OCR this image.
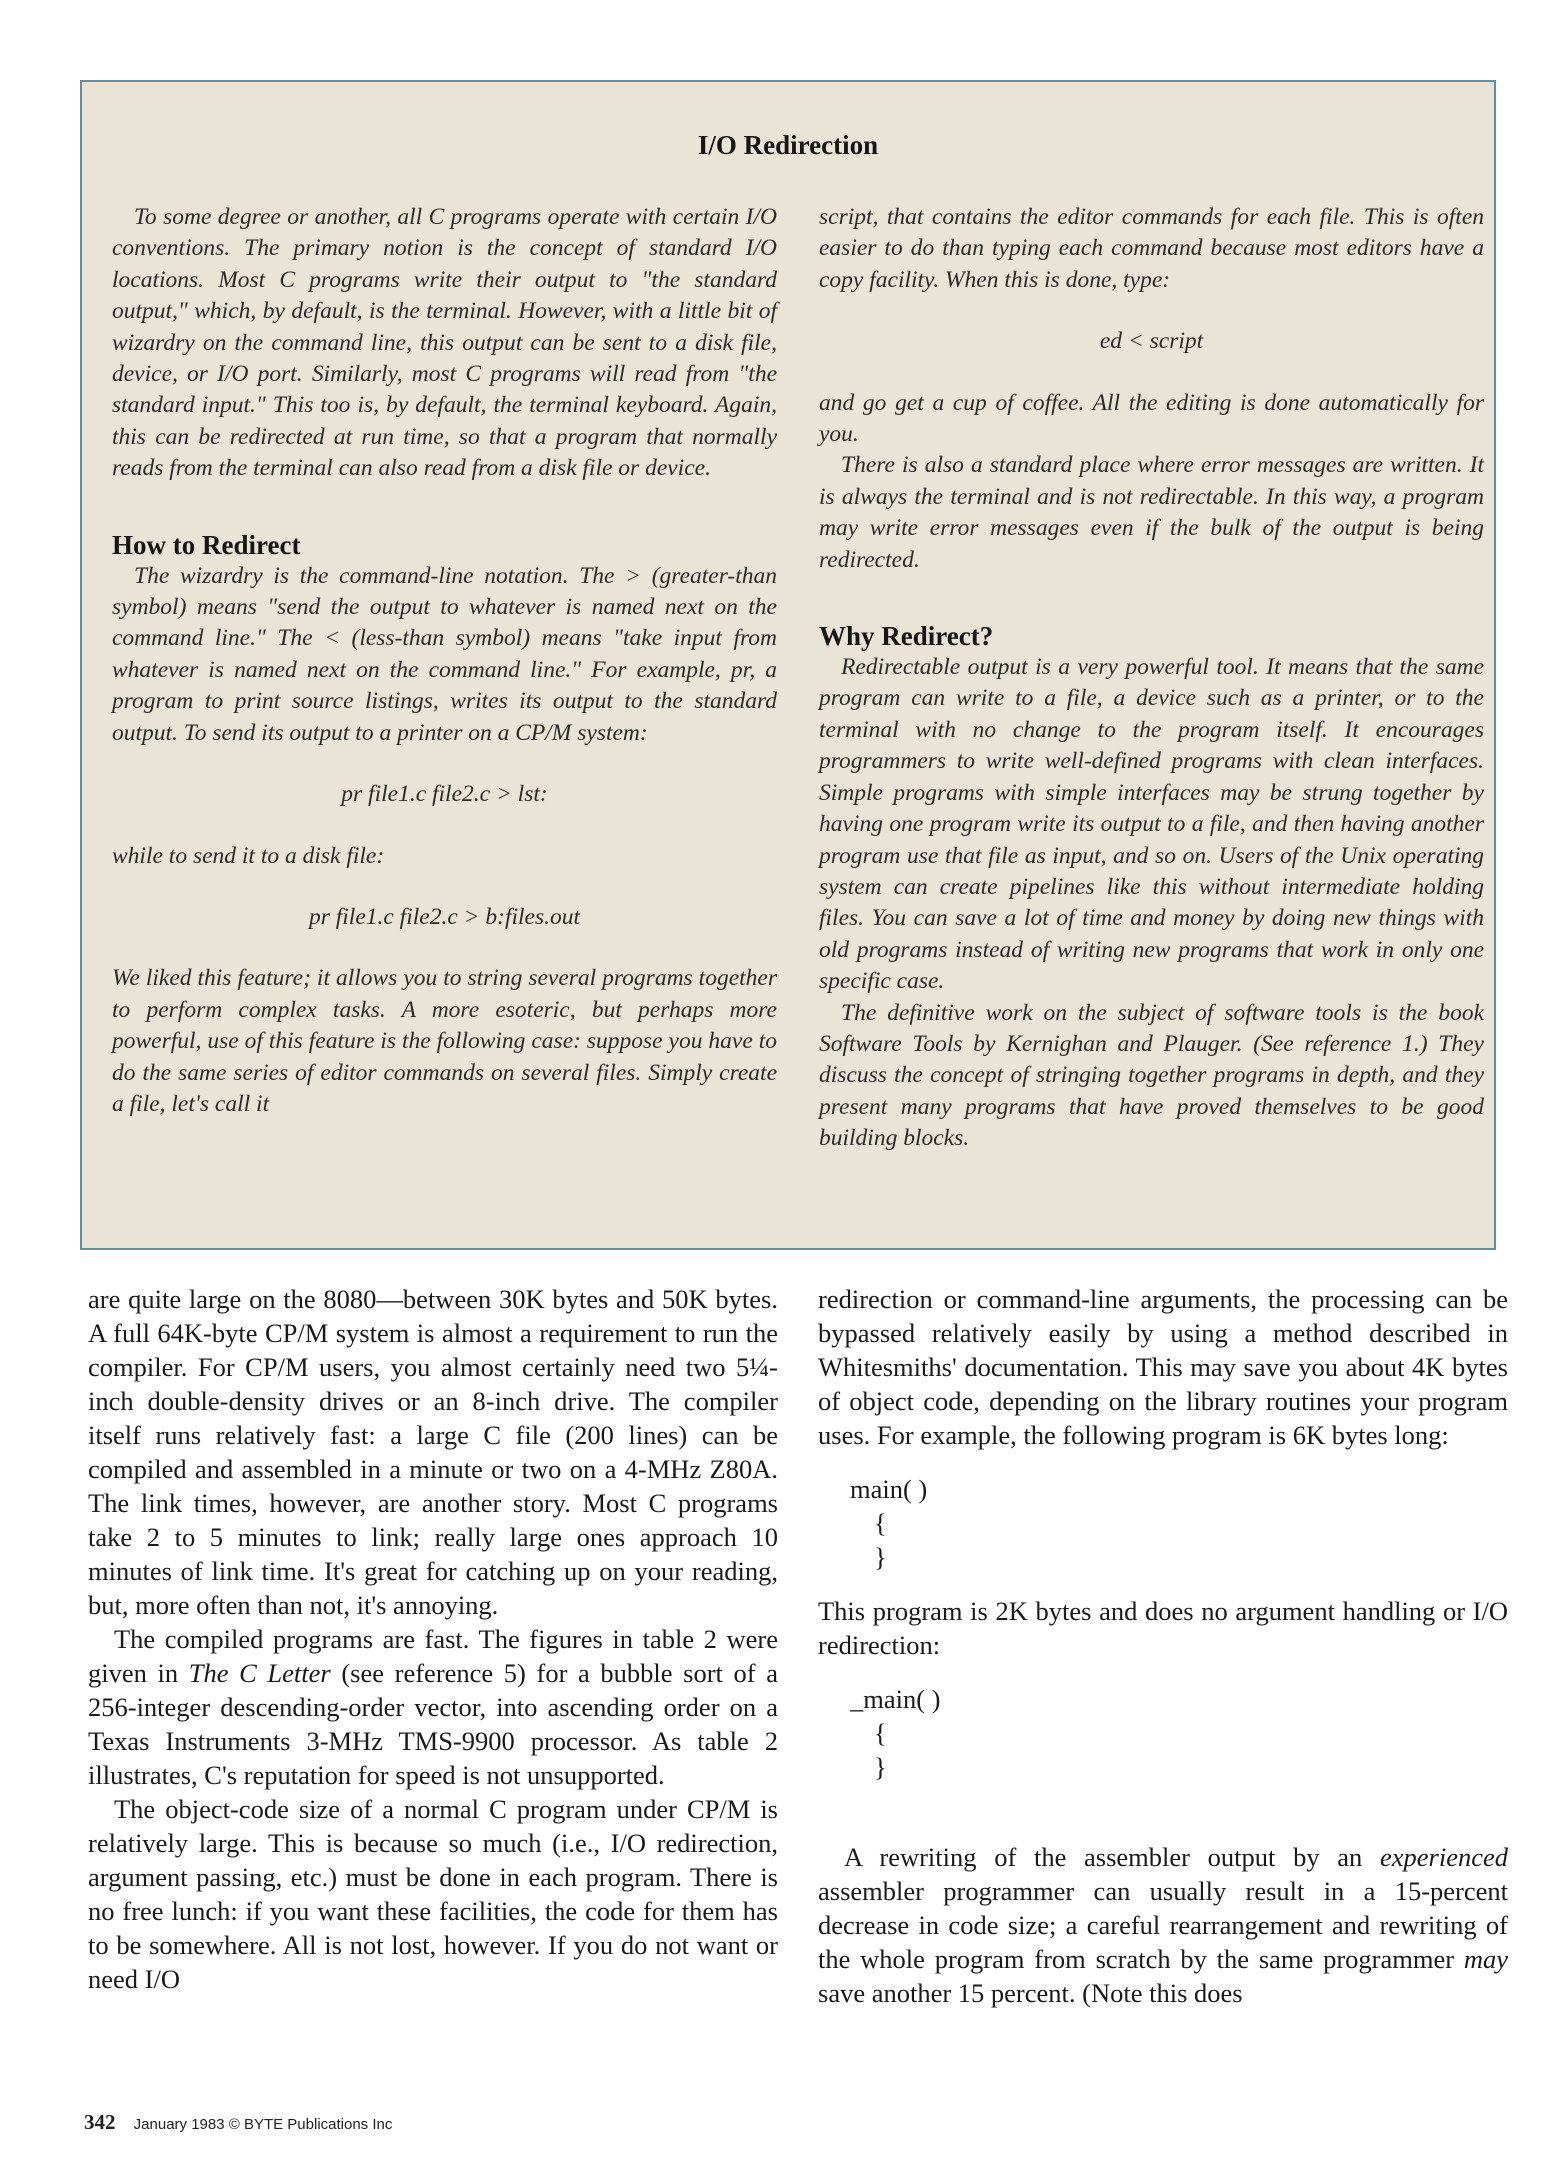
I/O Redirection

To some degree or another, all C programs operate with certain I/O conventions. The primary notion is the concept of standard I/O locations. Most C programs write their output to "the standard output," which, by default, is the terminal. However, with a little bit of wizardry on the command line, this output can be sent to a disk file, device, or I/O port. Similarly, most C programs will read from "the standard input." This too is, by default, the terminal keyboard. Again, this can be redirected at run time, so that a program that normally reads from the terminal can also read from a disk file or device.

How to Redirect

The wizardry is the command-line notation. The > (greater-than symbol) means "send the output to whatever is named next on the command line." The < (less-than symbol) means "take input from whatever is named next on the command line." For example, pr, a program to print source listings, writes its output to the standard output. To send its output to a printer on a CP/M system:

pr file1.c file2.c > lst:

while to send it to a disk file:

pr file1.c file2.c > b:files.out

We liked this feature; it allows you to string several programs together to perform complex tasks. A more esoteric, but perhaps more powerful, use of this feature is the following case: suppose you have to do the same series of editor commands on several files. Simply create a file, let's call it

script, that contains the editor commands for each file. This is often easier to do than typing each command because most editors have a copy facility. When this is done, type:

ed < script

and go get a cup of coffee. All the editing is done automatically for you.

There is also a standard place where error messages are written. It is always the terminal and is not redirectable. In this way, a program may write error messages even if the bulk of the output is being redirected.

Why Redirect?

Redirectable output is a very powerful tool. It means that the same program can write to a file, a device such as a printer, or to the terminal with no change to the program itself. It encourages programmers to write well-defined programs with clean interfaces. Simple programs with simple interfaces may be strung together by having one program write its output to a file, and then having another program use that file as input, and so on. Users of the Unix operating system can create pipelines like this without intermediate holding files. You can save a lot of time and money by doing new things with old programs instead of writing new programs that work in only one specific case.

The definitive work on the subject of software tools is the book Software Tools by Kernighan and Plauger. (See reference 1.) They discuss the concept of stringing together programs in depth, and they present many programs that have proved themselves to be good building blocks.

are quite large on the 8080—between 30K bytes and 50K bytes. A full 64K-byte CP/M system is almost a requirement to run the compiler. For CP/M users, you almost certainly need two 5¼-inch double-density drives or an 8-inch drive. The compiler itself runs relatively fast: a large C file (200 lines) can be compiled and assembled in a minute or two on a 4-MHz Z80A. The link times, however, are another story. Most C programs take 2 to 5 minutes to link; really large ones approach 10 minutes of link time. It's great for catching up on your reading, but, more often than not, it's annoying.

The compiled programs are fast. The figures in table 2 were given in The C Letter (see reference 5) for a bubble sort of a 256-integer descending-order vector, into ascending order on a Texas Instruments 3-MHz TMS-9900 processor. As table 2 illustrates, C's reputation for speed is not unsupported.

The object-code size of a normal C program under CP/M is relatively large. This is because so much (i.e., I/O redirection, argument passing, etc.) must be done in each program. There is no free lunch: if you want these facilities, the code for them has to be somewhere. All is not lost, however. If you do not want or need I/O

redirection or command-line arguments, the processing can be bypassed relatively easily by using a method described in Whitesmiths' documentation. This may save you about 4K bytes of object code, depending on the library routines your program uses. For example, the following program is 6K bytes long:

main( )
{
}

This program is 2K bytes and does no argument handling or I/O redirection:

_main( )
{
}

A rewriting of the assembler output by an experienced assembler programmer can usually result in a 15-percent decrease in code size; a careful rearrangement and rewriting of the whole program from scratch by the same programmer may save another 15 percent. (Note this does

342 January 1983 © BYTE Publications Inc
